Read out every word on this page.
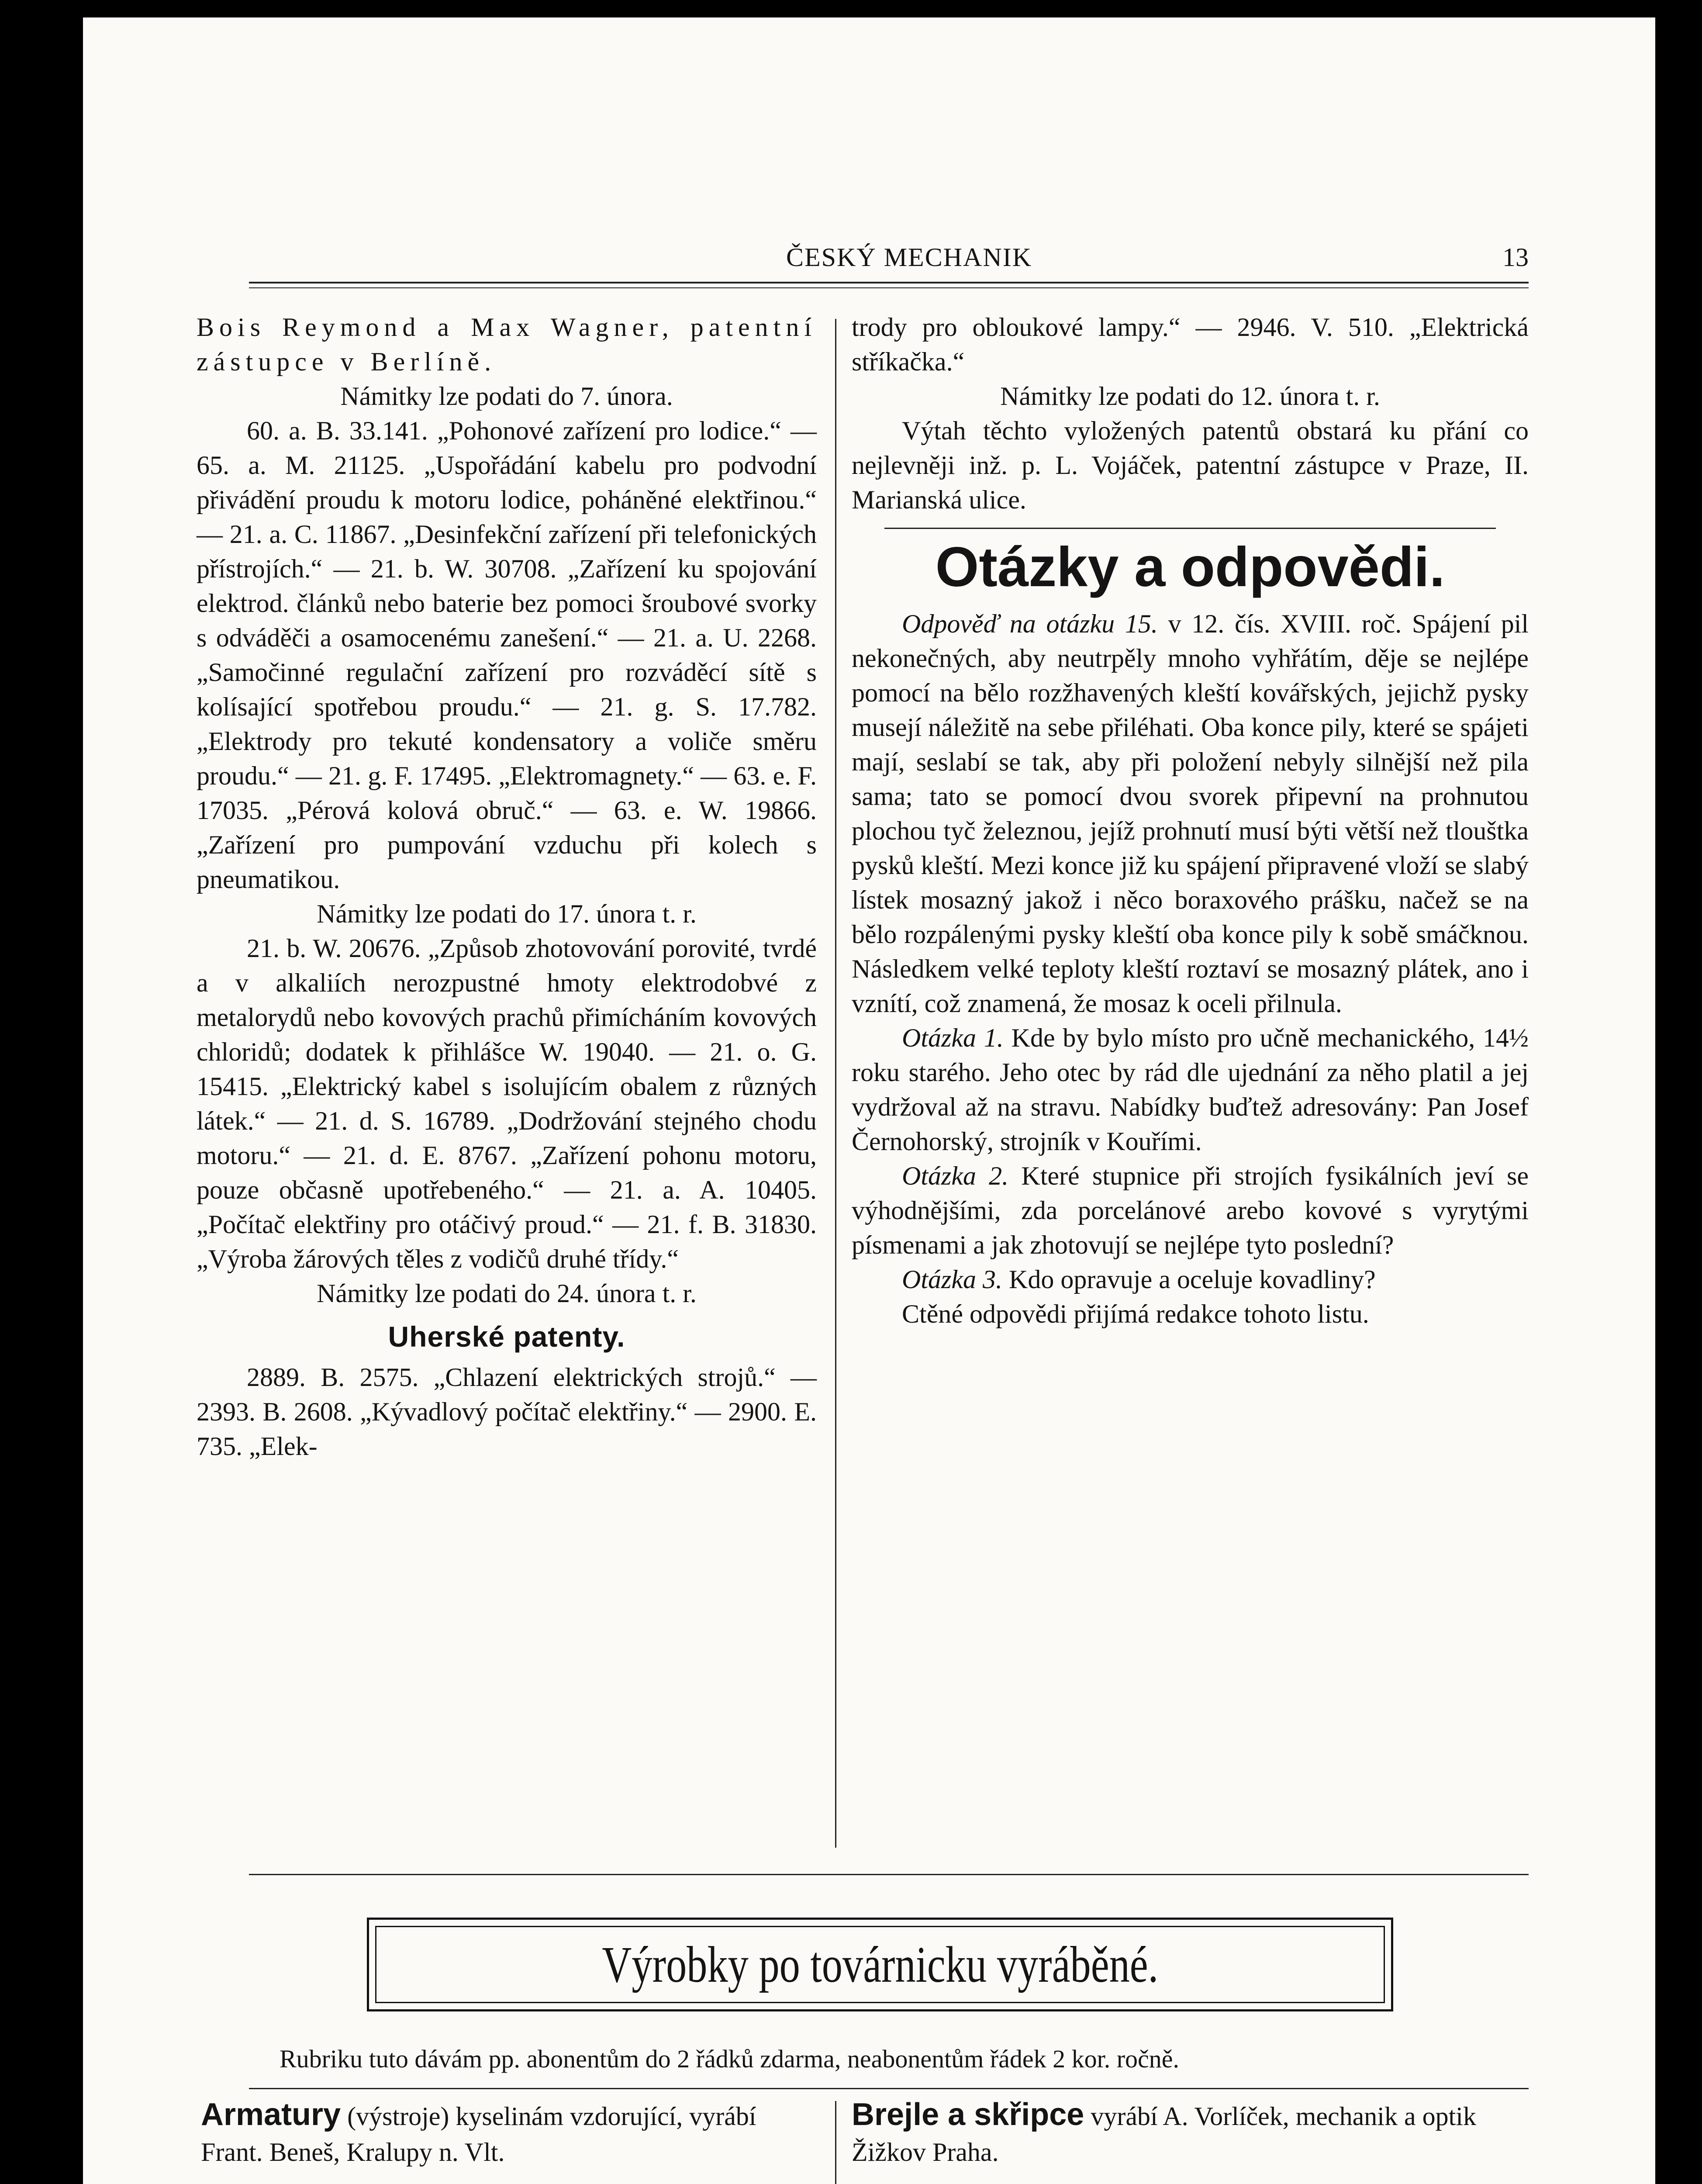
ČESKÝ MECHANIK	13

Bois Reymond a Max Wagner, patentní zástupce v Berlíně.

Námitky lze podati do 7. února.

60. a. B. 33.141. „Pohonové zařízení pro lodice.“ — 65. a. M. 21125. „Uspořádání kabelu pro podvodní přivádění proudu k motoru lodice, poháněné elektřinou.“ — 21. a. C. 11867. „Desinfekční zařízení při telefonických přístrojích.“ — 21. b. W. 30708. „Zařízení ku spojování elektrod. článků nebo baterie bez pomoci šroubové svorky s odváděči a osamocenému zanešení.“ — 21. a. U. 2268. „Samočinné regulační zařízení pro rozváděcí sítě s kolísající spotřebou proudu.“ — 21. g. S. 17.782. „Elektrody pro tekuté kondensatory a voliče směru proudu.“ — 21. g. F. 17495. „Elektromagnety.“ — 63. e. F. 17035. „Pérová kolová obruč.“ — 63. e. W. 19866. „Zařízení pro pumpování vzduchu při kolech s pneumatikou.

Námitky lze podati do 17. února t. r.

21. b. W. 20676. „Způsob zhotovování porovité, tvrdé a v alkaliích nerozpustné hmoty elektrodobvé z metalorydů nebo kovových prachů přimícháním kovových chloridů; dodatek k přihlášce W. 19040. — 21. o. G. 15415. „Elektrický kabel s isolujícím obalem z různých látek.“ — 21. d. S. 16789. „Dodržování stejného chodu motoru.“ — 21. d. E. 8767. „Zařízení pohonu motoru, pouze občasně upotřebeného.“ — 21. a. A. 10405. „Počítač elektřiny pro otáčivý proud.“ — 21. f. B. 31830. „Výroba žárových těles z vodičů druhé třídy.“

Námitky lze podati do 24. února t. r.

Uherské patenty.

2889. B. 2575. „Chlazení elektrických strojů.“ — 2393. B. 2608. „Kývadlový počítač elektřiny.“ — 2900. E. 735. „Elek-

trody pro obloukové lampy.“ — 2946. V. 510. „Elektrická stříkačka.“

Námitky lze podati do 12. února t. r.

Výtah těchto vyložených patentů obstará ku přání co nejlevněji inž. p. L. Vojáček, patentní zástupce v Praze, II. Marianská ulice.

Otázky a odpovědi.

Odpověď na otázku 15. v 12. čís. XVIII. roč. Spájení pil nekonečných, aby neutrpěly mnoho vyhřátím, děje se nejlépe pomocí na bělo rozžhavených kleští kovářských, jejichž pysky musejí náležitě na sebe přiléhati. Oba konce pily, které se spájeti mají, seslabí se tak, aby při položení nebyly silnější než pila sama; tato se pomocí dvou svorek připevní na prohnutou plochou tyč železnou, jejíž prohnutí musí býti větší než tlouštka pysků kleští. Mezi konce již ku spájení připravené vloží se slabý lístek mosazný jakož i něco boraxového prášku, načež se na bělo rozpálenými pysky kleští oba konce pily k sobě smáčknou. Následkem velké teploty kleští roztaví se mosazný plátek, ano i vznítí, což znamená, že mosaz k oceli přilnula.

Otázka 1. Kde by bylo místo pro učně mechanického, 14½ roku starého. Jeho otec by rád dle ujednání za něho platil a jej vydržoval až na stravu. Nabídky buďtež adresovány: Pan Josef Černohorský, strojník v Kouřími.

Otázka 2. Které stupnice při strojích fysikálních jeví se výhodnějšími, zda porcelánové arebo kovové s vyrytými písmenami a jak zhotovují se nejlépe tyto poslední?

Otázka 3. Kdo opravuje a oceluje kovadliny?

Ctěné odpovědi přijímá redakce tohoto listu.

Výrobky po továrnicku vyráběné.
Rubriku tuto dávám pp. abonentům do 2 řádků zdarma, neabonentům řádek 2 kor. ročně.
Armatury (výstroje) kyselinám vzdorující, vyrábí Frant. Beneš, Kralupy n. Vlt.
Brejle a skřipce vyrábí A. Vorlíček, mechanik a optik Žižkov Praha.
